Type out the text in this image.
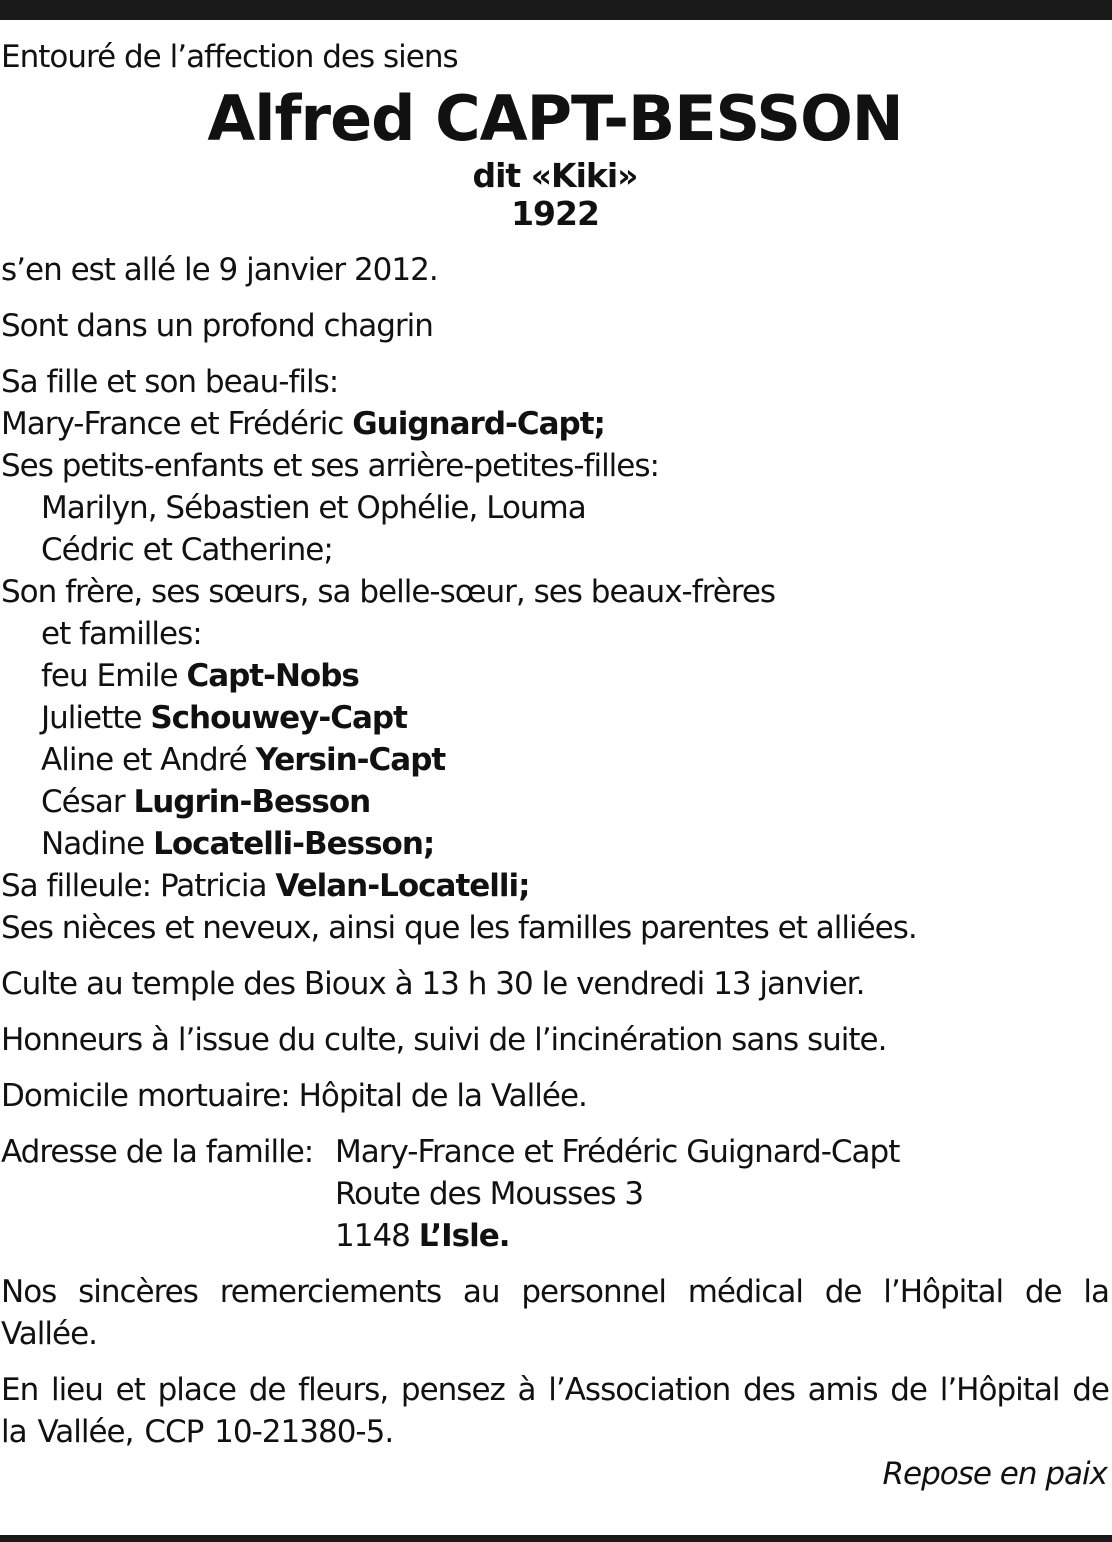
Entouré de l’affection des siens
Alfred CAPT-BESSON
dit «Kiki»
1922
s’en est allé le 9 janvier 2012.
Sont dans un profond chagrin
Sa fille et son beau-fils:
Mary-France et Frédéric Guignard-Capt;
Ses petits-enfants et ses arrière-petites-filles:
Marilyn, Sébastien et Ophélie, Louma
Cédric et Catherine;
Son frère, ses sœurs, sa belle-sœur, ses beaux-frères
et familles:
feu Emile Capt-Nobs
Juliette Schouwey-Capt
Aline et André Yersin-Capt
César Lugrin-Besson
Nadine Locatelli-Besson;
Sa filleule: Patricia Velan-Locatelli;
Ses nièces et neveux, ainsi que les familles parentes et alliées.
Culte au temple des Bioux à 13 h 30 le vendredi 13 janvier.
Honneurs à l’issue du culte, suivi de l’incinération sans suite.
Domicile mortuaire: Hôpital de la Vallée.
Adresse de la famille: Mary-France et Frédéric Guignard-Capt
Route des Mousses 3
1148 L’Isle.
Nos sincères remerciements au personnel médical de l’Hôpital de la Vallée.
En lieu et place de fleurs, pensez à l’Association des amis de l’Hôpital de la Vallée, CCP 10-21380-5.
Repose en paix
